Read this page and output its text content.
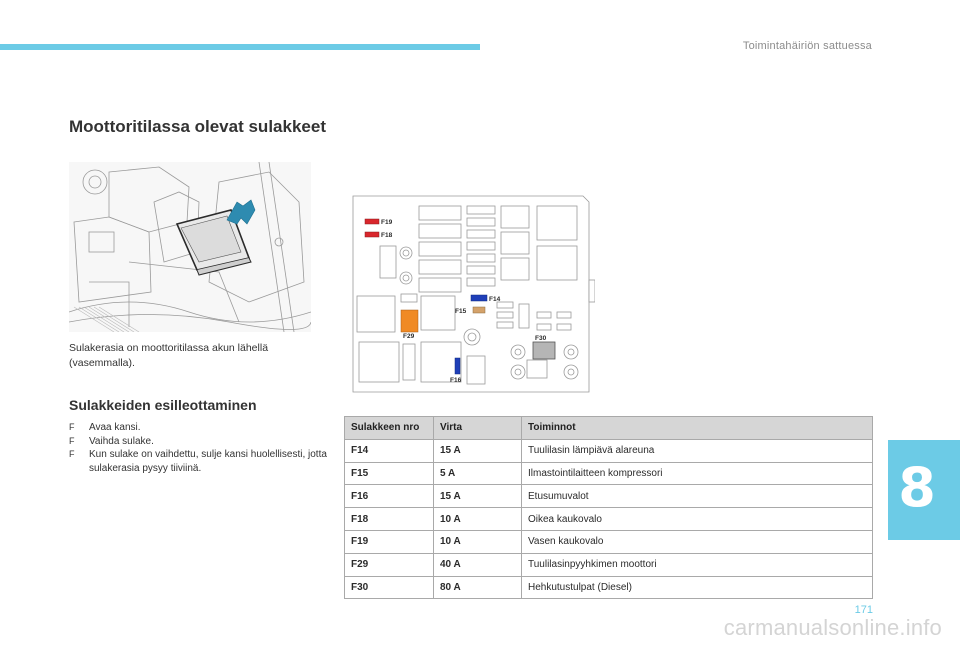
Toimintahäiriön sattuessa
Moottoritilassa olevat sulakkeet

Sulakerasia on moottoritilassa akun lähellä (vasemmalla).

Sulakkeiden esilleottaminen
F Avaa kansi.
F Vaihda sulake.
F Kun sulake on vaihdettu, sulje kansi huolellisesti, jotta sulakerasia pysyy tiiviinä.
F19
F18
F14
F15
F29	F30
F16
Sulakkeen nro	Virta	Toiminnot
F14	15 A	Tuulilasin lämpiävä alareuna
F15	5 A	Ilmastointilaitteen kompressori
F16	15 A	Etusumuvalot
F18	10 A	Oikea kaukovalo
F19	10 A	Vasen kaukovalo
F29	40 A	Tuulilasinpyyhkimen moottori
F30	80 A	Hehkutustulpat (Diesel)
8
171
carmanualsonline.info
